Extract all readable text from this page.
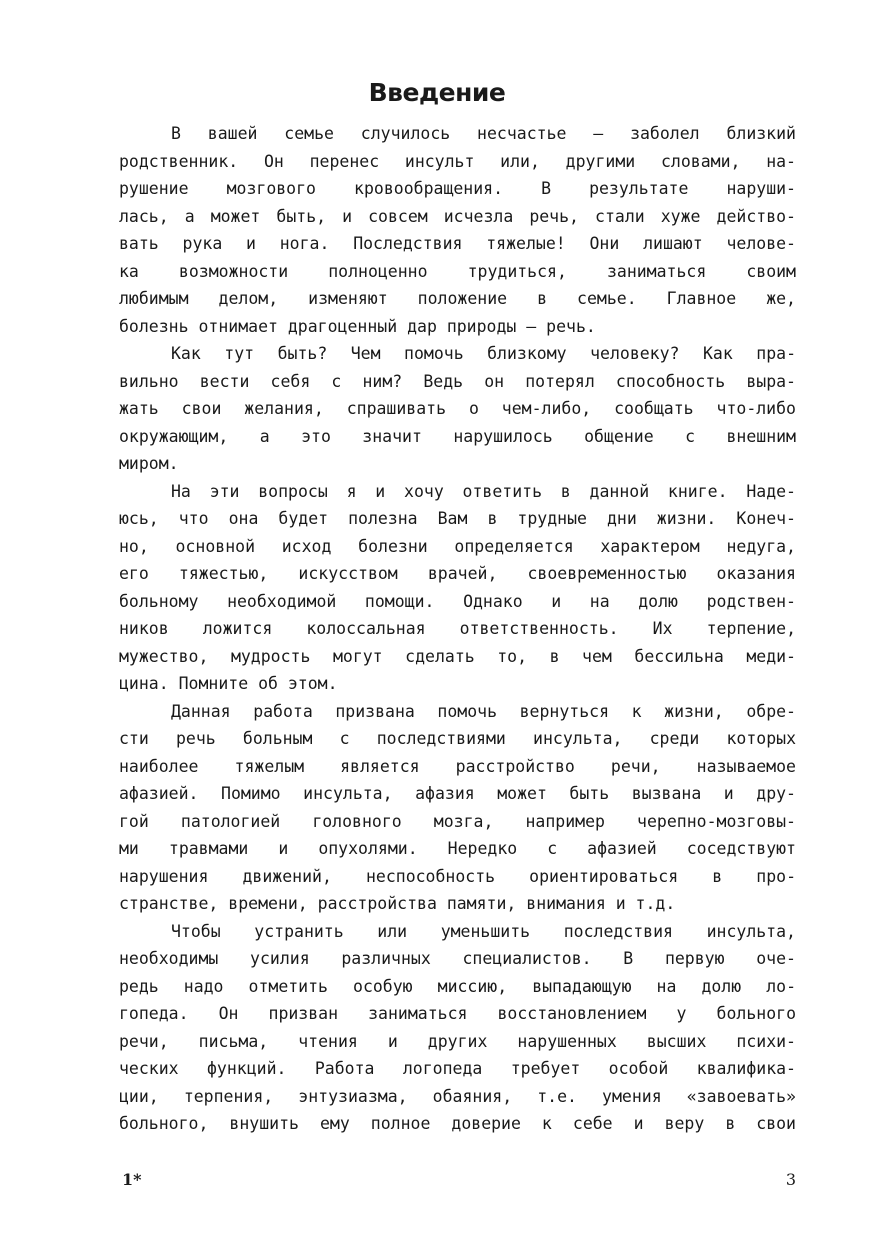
Введение

В вашей семье случилось несчастье — заболел близкий

родственник. Он перенес инсульт или, другими словами, на-

рушение мозгового кровообращения. В результате наруши-

лась, а может быть, и совсем исчезла речь, стали хуже действо-

вать рука и нога. Последствия тяжелые! Они лишают челове-

ка возможности полноценно трудиться, заниматься своим

любимым делом, изменяют положение в семье. Главное же,

болезнь отнимает драгоценный дар природы — речь.

Как тут быть? Чем помочь близкому человеку? Как пра-

вильно вести себя с ним? Ведь он потерял способность выра-

жать свои желания, спрашивать о чем-либо, сообщать что-либо

окружающим, а это значит нарушилось общение с внешним

миром.

На эти вопросы я и хочу ответить в данной книге. Наде-

юсь, что она будет полезна Вам в трудные дни жизни. Конеч-

но, основной исход болезни определяется характером недуга,

его тяжестью, искусством врачей, своевременностью оказания

больному необходимой помощи. Однако и на долю родствен-

ников ложится колоссальная ответственность. Их терпение,

мужество, мудрость могут сделать то, в чем бессильна меди-

цина. Помните об этом.

Данная работа призвана помочь вернуться к жизни, обре-

сти речь больным с последствиями инсульта, среди которых

наиболее тяжелым является расстройство речи, называемое

афазией. Помимо инсульта, афазия может быть вызвана и дру-

гой патологией головного мозга, например черепно-мозговы-

ми травмами и опухолями. Нередко с афазией соседствуют

нарушения движений, неспособность ориентироваться в про-

странстве, времени, расстройства памяти, внимания и т.д.

Чтобы устранить или уменьшить последствия инсульта,

необходимы усилия различных специалистов. В первую оче-

редь надо отметить особую миссию, выпадающую на долю ло-

гопеда. Он призван заниматься восстановлением у больного

речи, письма, чтения и других нарушенных высших психи-

ческих функций. Работа логопеда требует особой квалифика-

ции, терпения, энтузиазма, обаяния, т.е. умения «завоевать»

больного, внушить ему полное доверие к себе и веру в свои

1*	3
